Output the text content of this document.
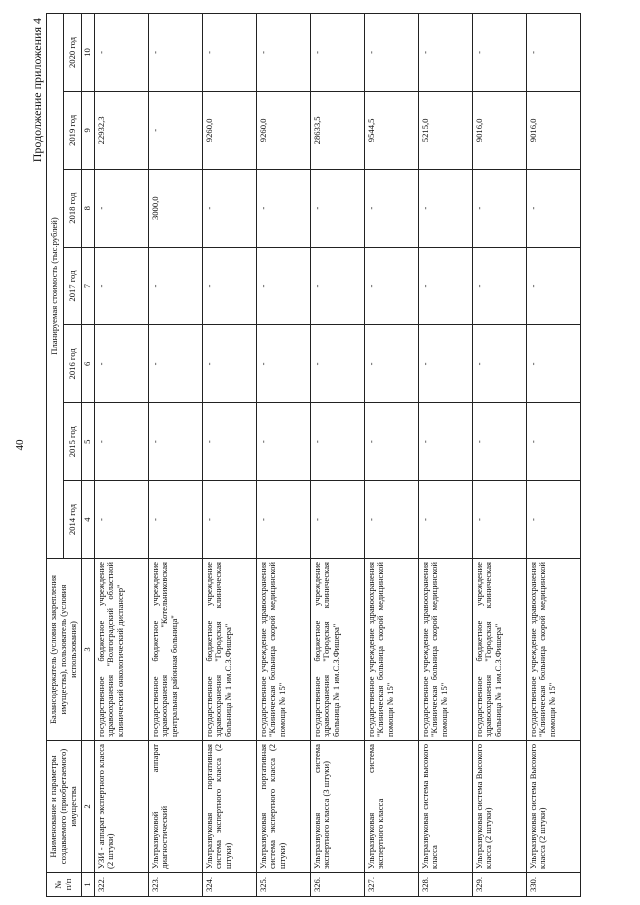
40
Продолжение приложения 4
№ п/п	Наименование и параметры создаваемого (приобретаемого) имущества	Балансодержатель (условия закрепления имущества), пользователь (условия использования)	Планируемая стоимость (тыс.рублей)						
			2014 год	2015 год	2016 год	2017 год	2018 год	2019 год	2020 год
1	2	3	4	5	6	7	8	9	10
322.	УЗИ - аппарат экспертного класса (2 штуки)	государственное бюджетное учреждение здравоохранения "Волгоградский областной клинический онкологический диспансер"	-	-	-	-	-	22932,3	-
323.	Ультразвуковой аппарат диагностический	государственное бюджетное учреждение здравоохранения "Котельниковская центральная районная больница"	-	-	-	-	3000,0	-	-
324.	Ультразвуковая портативная система экспертного класса (2 штуки)	государственное бюджетное учреждение здравоохранения "Городская клиническая больница № 1 им.С.З.Фишера"	-	-	-	-	-	9260,0	-
325.	Ультразвуковая портативная система экспертного класса (2 штуки)	государственное учреждение здравоохранения "Клиническая больница скорой медицинской помощи № 15"	-	-	-	-	-	9260,0	-
326.	Ультразвуковая система экспертного класса (3 штуки)	государственное бюджетное учреждение здравоохранения "Городская клиническая больница № 1 им.С.З.Фишера"	-	-	-	-	-	28633,5	-
327.	Ультразвуковая система экспертного класса	государственное учреждение здравоохранения "Клиническая больница скорой медицинской помощи № 15"	-	-	-	-	-	9544,5	-
328.	Ультразвуковая система высокого класса	государственное учреждение здравоохранения "Клиническая больница скорой медицинской помощи № 15"	-	-	-	-	-	5215,0	-
329.	Ультразвуковая система Высокого класса (2 штуки)	государственное бюджетное учреждение здравоохранения "Городская клиническая больница № 1 им.С.З.Фишера"	-	-	-	-	-	9016,0	-
330.	Ультразвуковая система Высокого класса (2 штуки)	государственное учреждение здравоохранения "Клиническая больница скорой медицинской помощи № 15"	-	-	-	-	-	9016,0	-
